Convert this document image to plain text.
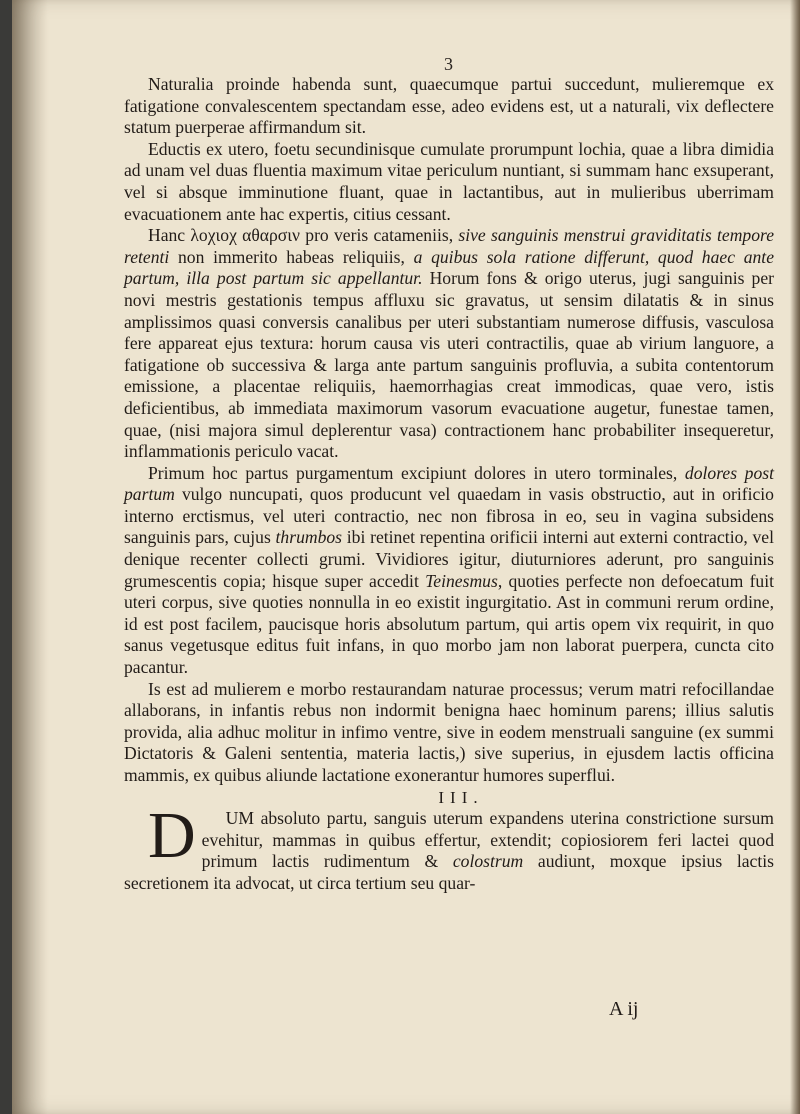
3

Naturalia proinde habenda sunt, quaecumque partui succedunt, mulieremque ex fatigatione convalescentem spectandam esse, adeo evidens est, ut a naturali, vix deflectere statum puerperae affirmandum sit.

Eductis ex utero, foetu secundinisque cumulate prorumpunt lochia, quae a libra dimidia ad unam vel duas fluentia maximum vitae periculum nuntiant, si summam hanc exsuperant, vel si absque imminutione fluant, quae in lactantibus, aut in mulieribus uberrimam evacuationem ante hac expertis, citius cessant.

Hanc λοχιοχ αθαρσιν pro veris catameniis, sive sanguinis menstrui graviditatis tempore retenti non immerito habeas reliquiis, a quibus sola ratione differunt, quod haec ante partum, illa post partum sic appellantur. Horum fons & origo uterus, jugi sanguinis per novi mestris gestationis tempus affluxu sic gravatus, ut sensim dilatatis & in sinus amplissimos quasi conversis canalibus per uteri substantiam numerose diffusis, vasculosa fere appareat ejus textura: horum causa vis uteri contractilis, quae ab virium languore, a fatigatione ob successiva & larga ante partum sanguinis profluvia, a subita contentorum emissione, a placentae reliquiis, haemorrhagias creat immodicas, quae vero, istis deficientibus, ab immediata maximorum vasorum evacuatione augetur, funestae tamen, quae, (nisi majora simul deplerentur vasa) contractionem hanc probabiliter insequeretur, inflammationis periculo vacat.

Primum hoc partus purgamentum excipiunt dolores in utero torminales, dolores post partum vulgo nuncupati, quos producunt vel quaedam in vasis obstructio, aut in orificio interno erctismus, vel uteri contractio, nec non fibrosa in eo, seu in vagina subsidens sanguinis pars, cujus thrumbos ibi retinet repentina orificii interni aut externi contractio, vel denique recenter collecti grumi. Vividiores igitur, diuturniores aderunt, pro sanguinis grumescentis copia; hisque super accedit Teinesmus, quoties perfecte non defoecatum fuit uteri corpus, sive quoties nonnulla in eo existit ingurgitatio. Ast in communi rerum ordine, id est post facilem, paucisque horis absolutum partum, qui artis opem vix requirit, in quo sanus vegetusque editus fuit infans, in quo morbo jam non laborat puerpera, cuncta cito pacantur.

Is est ad mulierem e morbo restaurandam naturae processus; verum matri refocillandae allaborans, in infantis rebus non indormit benigna haec hominum parens; illius salutis provida, alia adhuc molitur in infimo ventre, sive in eodem menstruali sanguine (ex summi Dictatoris & Galeni sententia, materia lactis,) sive superius, in ejusdem lactis officina mammis, ex quibus aliunde lactatione exonerantur humores superflui.

III.

D UM absoluto partu, sanguis uterum expandens uterina constrictione sursum evehitur, mammas in quibus effertur, extendit; copiosiorem feri lactei quod primum lactis rudimentum & colostrum audiunt, moxque ipsius lactis secretionem ita advocat, ut circa tertium seu quar-

A ij
